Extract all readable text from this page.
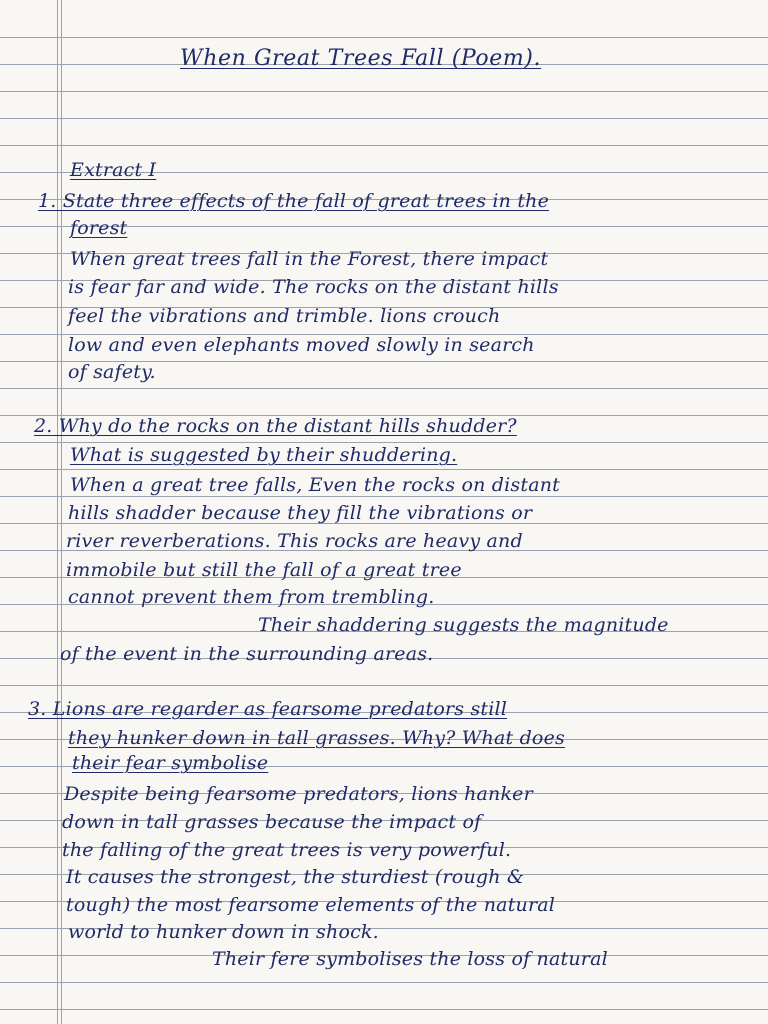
When Great Trees Fall (Poem).
Extract I
1. State three effects of the fall of great trees in the
forest
When great trees fall in the Forest, there impact
is fear far and wide. The rocks on the distant hills
feel the vibrations and trimble. lions crouch
low and even elephants moved slowly in search
of safety.
2. Why do the rocks on the distant hills shudder?
What is suggested by their shuddering.
When a great tree falls, Even the rocks on distant
hills shadder because they fill the vibrations or
river reverberations. This rocks are heavy and
immobile but still the fall of a great tree
cannot prevent them from trembling.
Their shaddering suggests the magnitude
of the event in the surrounding areas.
3. Lions are regarder as fearsome predators still
they hunker down in tall grasses. Why? What does
their fear symbolise
Despite being fearsome predators, lions hanker
down in tall grasses because the impact of
the falling of the great trees is very powerful.
It causes the strongest, the sturdiest (rough &
tough) the most fearsome elements of the natural
world to hunker down in shock.
Their fere symbolises the loss of natural
